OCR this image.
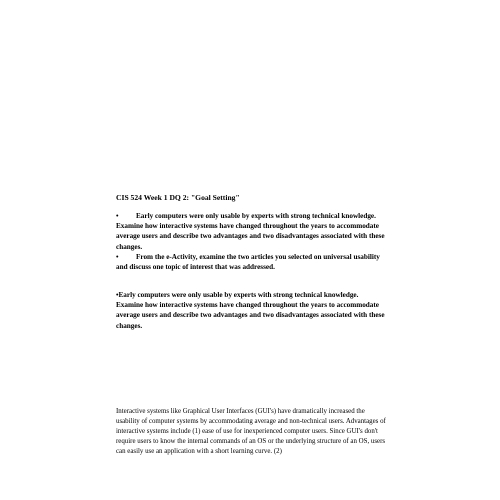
CIS 524 Week 1 DQ 2: "Goal Setting"

• Early computers were only usable by experts with strong technical knowledge. Examine how interactive systems have changed throughout the years to accommodate average users and describe two advantages and two disadvantages associated with these changes.

• From the e-Activity, examine the two articles you selected on universal usability and discuss one topic of interest that was addressed.

•Early computers were only usable by experts with strong technical knowledge. Examine how interactive systems have changed throughout the years to accommodate average users and describe two advantages and two disadvantages associated with these changes.
Interactive systems like Graphical User Interfaces (GUI's) have dramatically increased the usability of computer systems by accommodating average and non-technical users. Advantages of interactive systems include (1) ease of use for inexperienced computer users. Since GUI's don't require users to know the internal commands of an OS or the underlying structure of an OS, users can easily use an application with a short learning curve. (2)
